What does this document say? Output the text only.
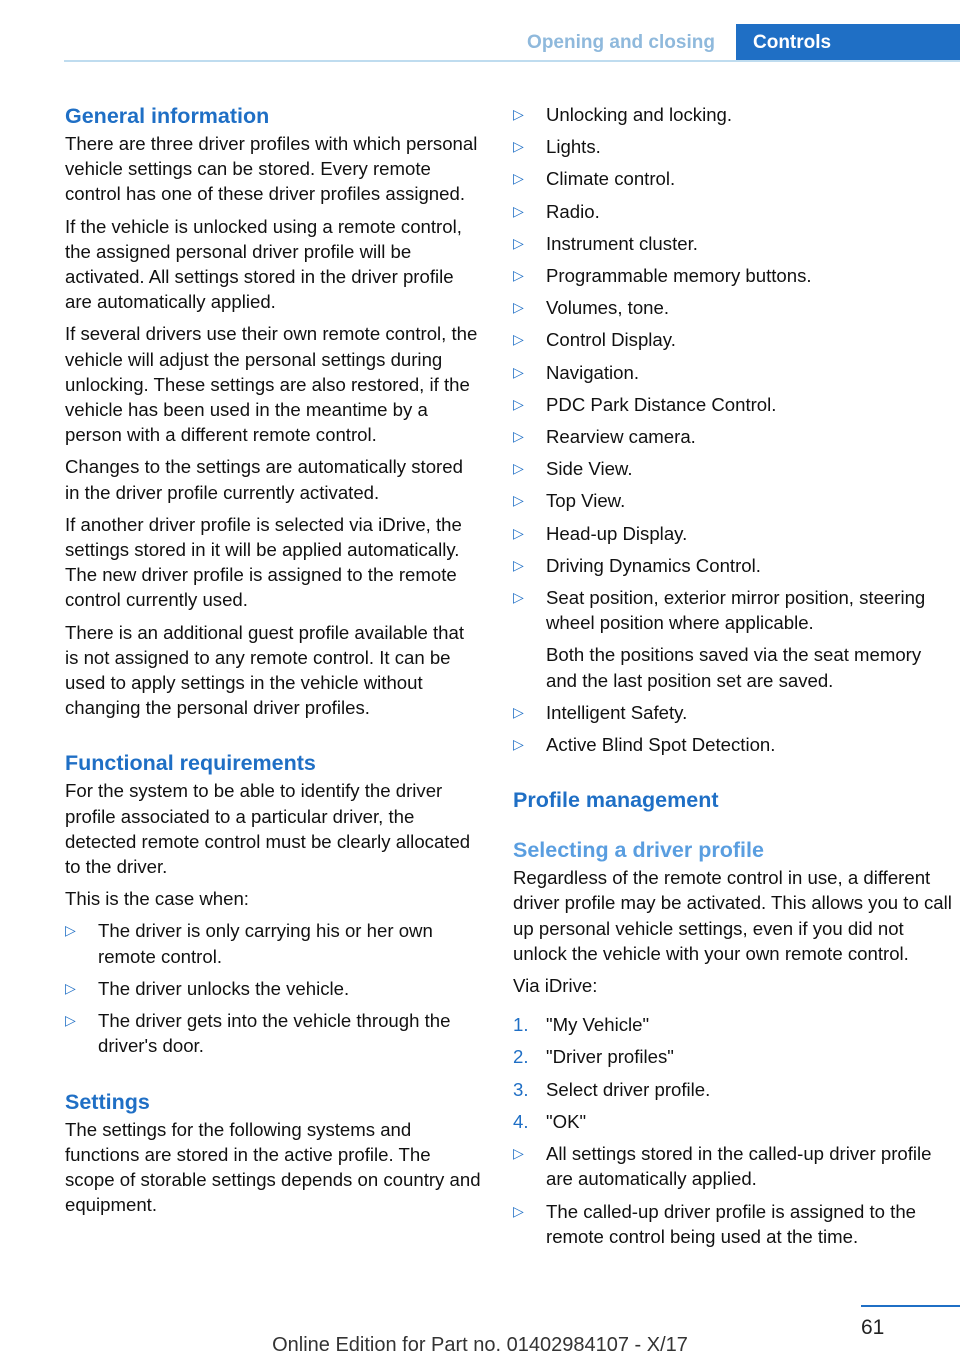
Opening and closing	Controls
General information

There are three driver profiles with which personal vehicle settings can be stored. Every remote control has one of these driver profiles assigned.

If the vehicle is unlocked using a remote control, the assigned personal driver profile will be activated. All settings stored in the driver profile are automatically applied.

If several drivers use their own remote control, the vehicle will adjust the personal settings during unlocking. These settings are also restored, if the vehicle has been used in the meantime by a person with a different remote control.

Changes to the settings are automatically stored in the driver profile currently activated.

If another driver profile is selected via iDrive, the settings stored in it will be applied automatically. The new driver profile is assigned to the remote control currently used.

There is an additional guest profile available that is not assigned to any remote control. It can be used to apply settings in the vehicle without changing the personal driver profiles.

Functional requirements

For the system to be able to identify the driver profile associated to a particular driver, the detected remote control must be clearly allocated to the driver.

This is the case when:

▷ The driver is only carrying his or her own remote control.
▷ The driver unlocks the vehicle.
▷ The driver gets into the vehicle through the driver's door.
Settings

The settings for the following systems and functions are stored in the active profile. The scope of storable settings depends on country and equipment.

▷ Unlocking and locking.
▷ Lights.
▷ Climate control.
▷ Radio.
▷ Instrument cluster.
▷ Programmable memory buttons.
▷ Volumes, tone.
▷ Control Display.
▷ Navigation.
▷ PDC Park Distance Control.
▷ Rearview camera.
▷ Side View.
▷ Top View.
▷ Head-up Display.
▷ Driving Dynamics Control.
▷ Seat position, exterior mirror position, steering wheel position where applicable.
Both the positions saved via the seat memory and the last position set are saved.
▷ Intelligent Safety.
▷ Active Blind Spot Detection.
Profile management
Selecting a driver profile

Regardless of the remote control in use, a different driver profile may be activated. This allows you to call up personal vehicle settings, even if you did not unlock the vehicle with your own remote control.

Via iDrive:

1. "My Vehicle"
2. "Driver profiles"
3. Select driver profile.
4. "OK"
▷ All settings stored in the called-up driver profile are automatically applied.
▷ The called-up driver profile is assigned to the remote control being used at the time.
61
Online Edition for Part no. 01402984107 - X/17
